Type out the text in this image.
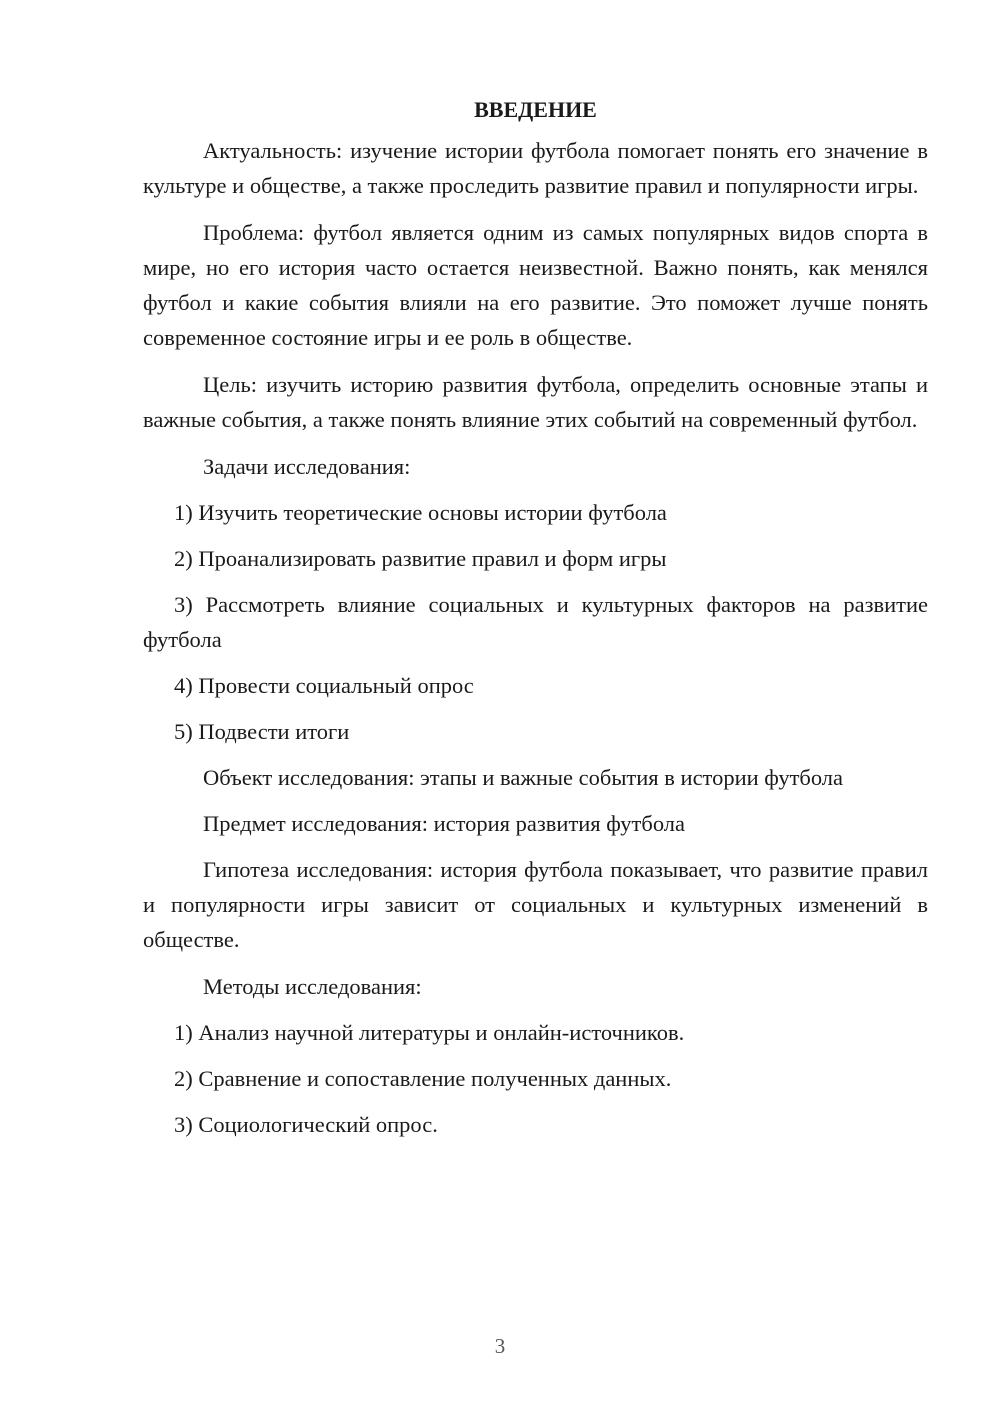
ВВЕДЕНИЕ

Актуальность: изучение истории футбола помогает понять его значение в культуре и обществе, а также проследить развитие правил и популярности игры.

Проблема: футбол является одним из самых популярных видов спорта в мире, но его история часто остается неизвестной. Важно понять, как менялся футбол и какие события влияли на его развитие. Это поможет лучше понять современное состояние игры и ее роль в обществе.

Цель: изучить историю развития футбола, определить основные этапы и важные события, а также понять влияние этих событий на современный футбол.

Задачи исследования:

1) Изучить теоретические основы истории футбола

2) Проанализировать развитие правил и форм игры

3) Рассмотреть влияние социальных и культурных факторов на развитие футбола

4) Провести социальный опрос

5) Подвести итоги

Объект исследования: этапы и важные события в истории футбола

Предмет исследования: история развития футбола

Гипотеза исследования: история футбола показывает, что развитие правил и популярности игры зависит от социальных и культурных изменений в обществе.

Методы исследования:

1) Анализ научной литературы и онлайн-источников.

2) Сравнение и сопоставление полученных данных.

3) Социологический опрос.

3
